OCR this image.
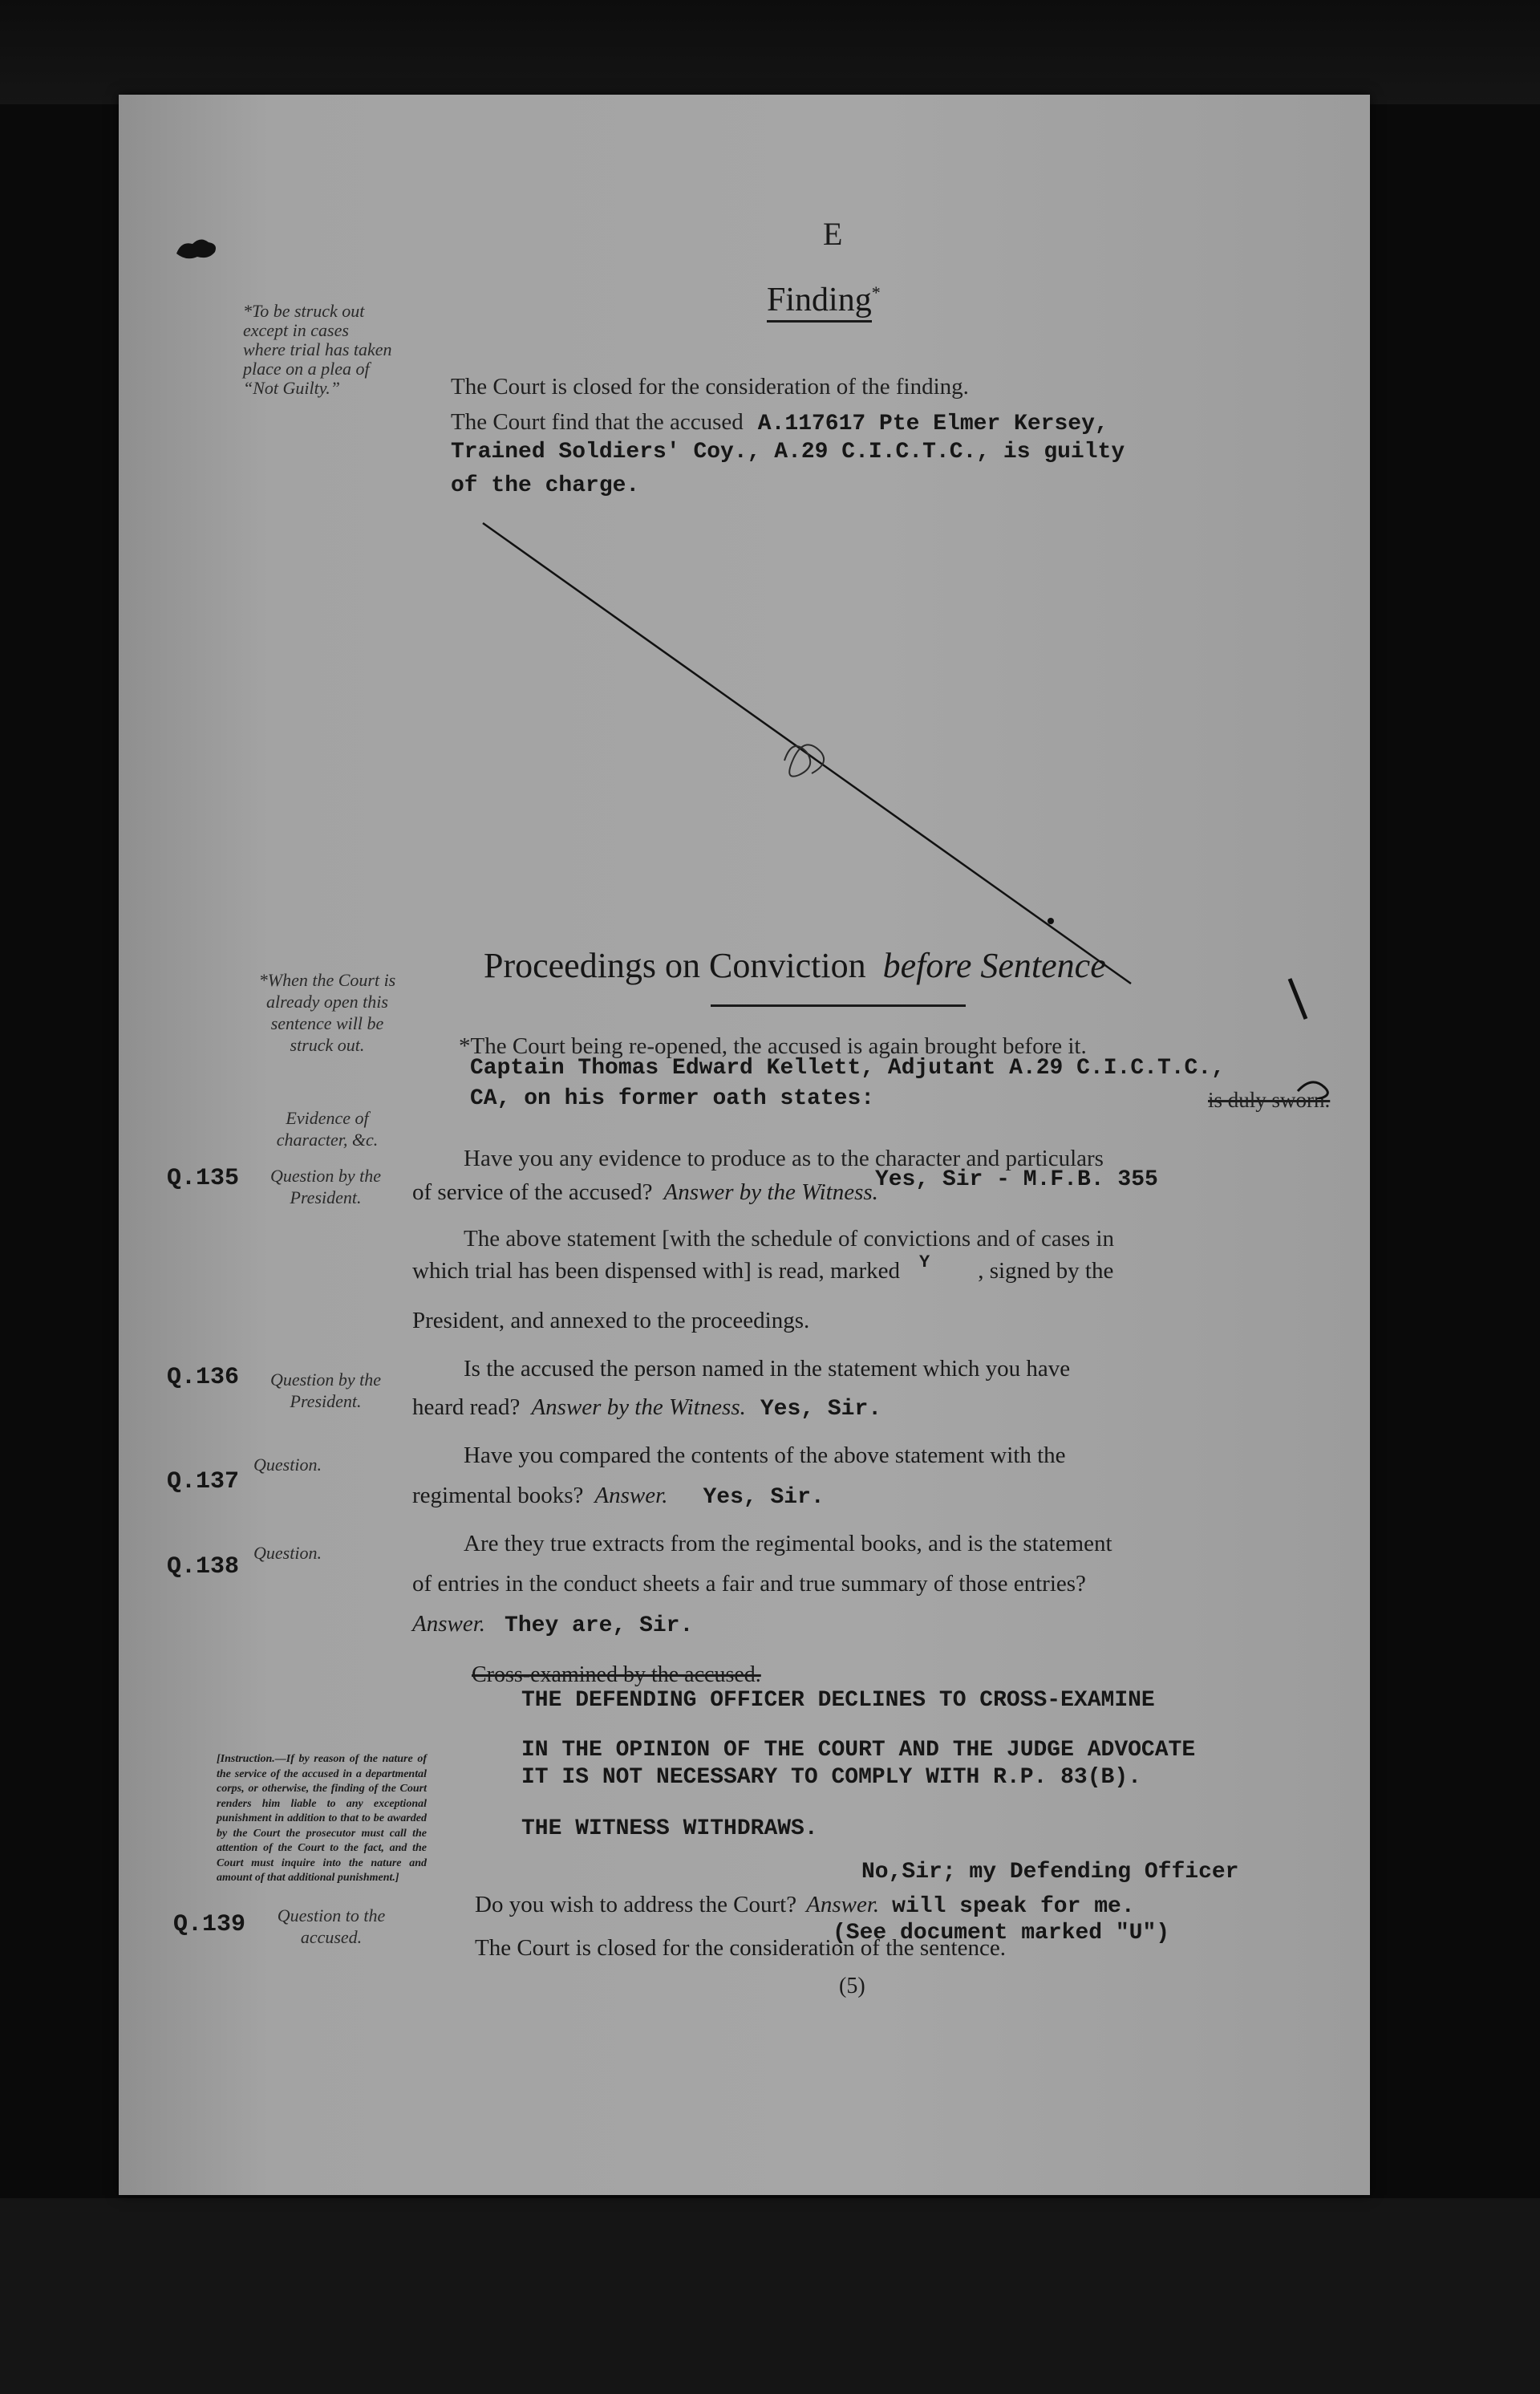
E
Finding*
*To be struck out except in cases where trial has taken place on a plea of “Not Guilty.”	The Court is closed for the consideration of the finding.
The Court find that the accused A.117617 Pte Elmer Kersey,
Trained Soldiers' Coy., A.29 C.I.C.T.C., is guilty
of the charge.
Proceedings on Conviction before Sentence
*When the Court is already open this sentence will be struck out.
Evidence of character, &c.
*The Court being re-opened, the accused is again brought before it.
Captain Thomas Edward Kellett, Adjutant A.29 C.I.C.T.C.,
CA, on his former oath states:	is duly sworn.
Q.135	Question by the President.
Have you any evidence to produce as to the character and particulars
of service of the accused? Answer by the Witness. Yes, Sir - M.F.B. 355
The above statement [with the schedule of convictions and of cases in
which trial has been dispensed with] is read, marked Y , signed by the
President, and annexed to the proceedings.
Q.136	Question by the President.
Is the accused the person named in the statement which you have
heard read? Answer by the Witness. Yes, Sir.
Q.137
Question.	Have you compared the contents of the above statement with the
regimental books? Answer. Yes, Sir.
Q.138
Question.	Are they true extracts from the regimental books, and is the statement
of entries in the conduct sheets a fair and true summary of those entries?
Answer. They are, Sir.
[Instruction.—If by reason of the nature of the service of the accused in a departmental corps, or otherwise, the finding of the Court renders him liable to any exceptional punishment in addition to that to be awarded by the Court the prosecutor must call the attention of the Court to the fact, and the Court must inquire into the nature and amount of that additional punishment.]
Cross-examined by the accused.
THE DEFENDING OFFICER DECLINES TO CROSS-EXAMINE
IN THE OPINION OF THE COURT AND THE JUDGE ADVOCATE
IT IS NOT NECESSARY TO COMPLY WITH R.P. 83(B).
THE WITNESS WITHDRAWS.
Q.139	Question to the accused.
No,Sir; my Defending Officer
Do you wish to address the Court? Answer. will speak for me.
(See document marked "U")
The Court is closed for the consideration of the sentence.
(5)
